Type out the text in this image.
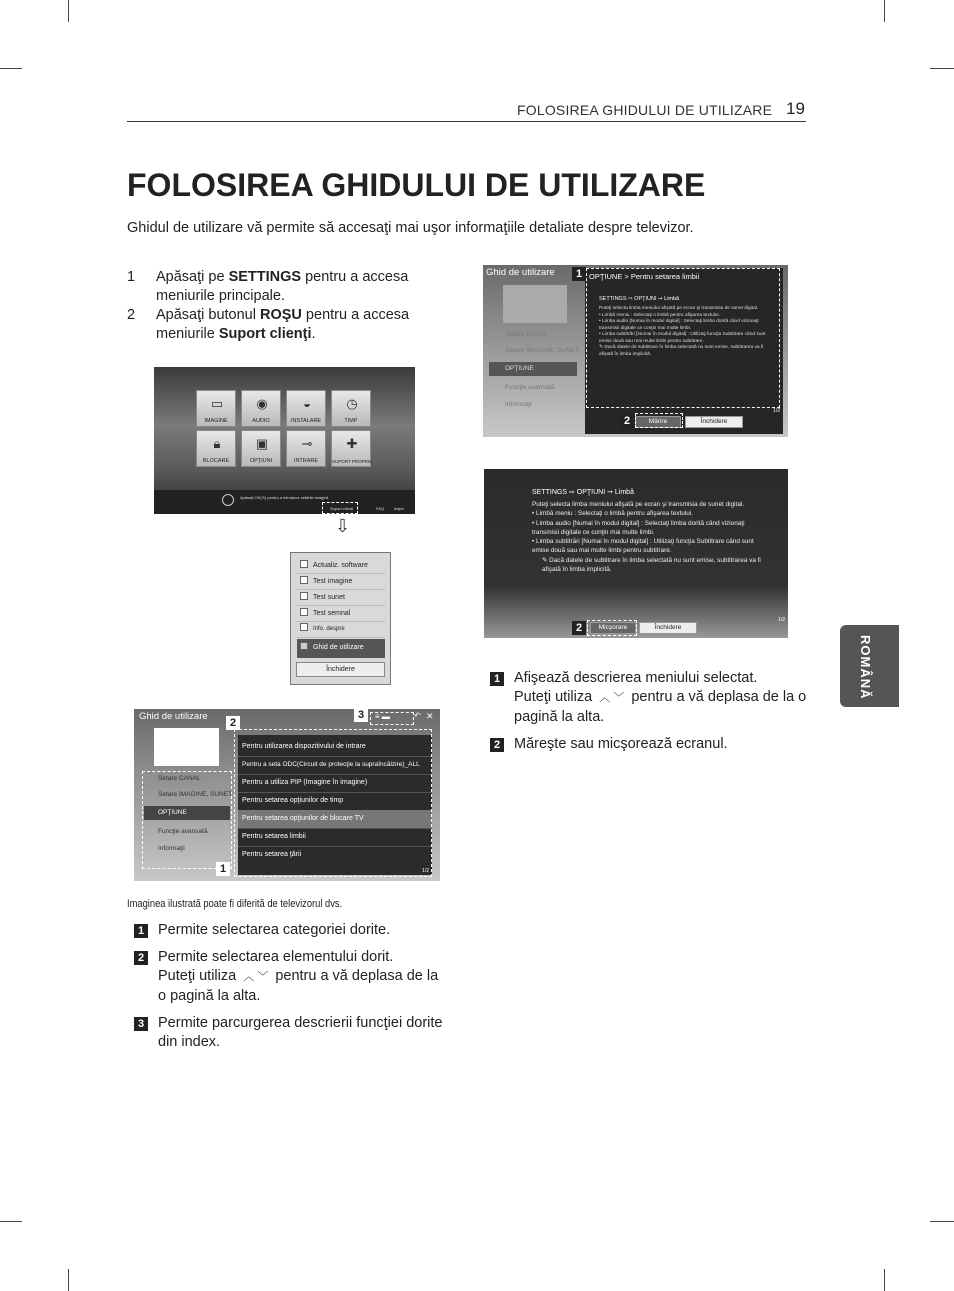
FOLOSIREA GHIDULUI DE UTILIZARE 19
FOLOSIREA GHIDULUI DE UTILIZARE
Ghidul de utilizare vă permite să accesaţi mai uşor informaţiile detaliate despre televizor.
1	Apăsaţi pe SETTINGS pentru a accesa meniurile principale.
2	Apăsaţi butonul ROŞU pentru a accesa meniurile Suport clienţi.
▭
IMAGINE
◉
AUDIO
◒
INSTALARE
◷
TIMP
🔒︎
BLOCARE
▣
OPŢIUNI
⊸
INTRARE
✚
SUPORT PROPRIU
Apăsaţi OK(⊙) pentru a introduce setările imaginii.
Suport clienţi	FAQ Ieşire
⇩
Actualiz. software
Test imagine
Test sunet
Test semnal
Info. despre
Ghid de utilizare
Închidere
Ghid de utilizare
Setare CANAL
Setare IMAGINE, SUNET
OPŢIUNE
Funcţie avansată
Informaţii
Pentru utilizarea dispozitivului de intrare
Pentru a seta ODC(Circuit de protecţie la supraîncălzire)_ALL
Pentru a utiliza PIP (Imagine în imagine)
Pentru setarea opţiunilor de timp
Pentru setarea opţiunilor de blocare TV
Pentru setarea limbii
Pentru setarea ţării
1/2
≡ ▬	↶ ✕
2
3
1
Imaginea ilustrată poate fi diferită de televizorul dvs.
1 Permite selectarea categoriei dorite.
2 Permite selectarea elementului dorit.
Puteţi utiliza ︿ ﹀ pentru a vă deplasa de la o pagină la alta.
3 Permite parcurgerea descrierii funcţiei dorite din index.
Ghid de utilizare
Setare CANAL
Setare IMAGINE, SUNET
OPŢIUNE
Funcţie avansată
Informaţii
OPŢIUNE > Pentru setarea limbii
SETTINGS ⇨ OPŢIUNI ➙ Limbă
Puteţi selecta limba meniului afişată pe ecran şi transmisia de sunet digital.
• Limbă meniu : Selectaţi o limbă pentru afişarea textului.
• Limba audio [Numai în modul digital] : Selectaţi limba dorită când vizionaţi transmisii digitale ce conţin mai multe limbi.
• Limba subtitrări [Numai în modul digital] : Utilizaţi funcţia Subtitrare când sunt emise două sau mai multe limbi pentru subtitrare.
✎ Dacă datele de subtitrare în limba selectată nu sunt emise, subtitrarea va fi afişată în limba implicită.
1/2
Mărire	Închidere
1
2
SETTINGS ⇨ OPŢIUNI ➙ Limbă
Puteţi selecta limba meniului afişată pe ecran şi transmisia de sunet digital.
• Limbă meniu : Selectaţi o limbă pentru afişarea textului.
• Limba audio [Numai în modul digital] : Selectaţi limba dorită când vizionaţi transmisii digitale ce conţin mai multe limbi.
• Limba subtitrări [Numai în modul digital] : Utilizaţi funcţia Subtitrare când sunt emise două sau mai multe limbi pentru subtitrare.
✎ Dacă datele de subtitrare în limba selectată nu sunt emise, subtitrarea va fi afişată în limba implicită.
1/2
Micşorare	Închidere
2
1 Afişează descrierea meniului selectat.
Puteţi utiliza ︿ ﹀ pentru a vă deplasa de la o pagină la alta.
2 Măreşte sau micşorează ecranul.
ROMÂNĂ
